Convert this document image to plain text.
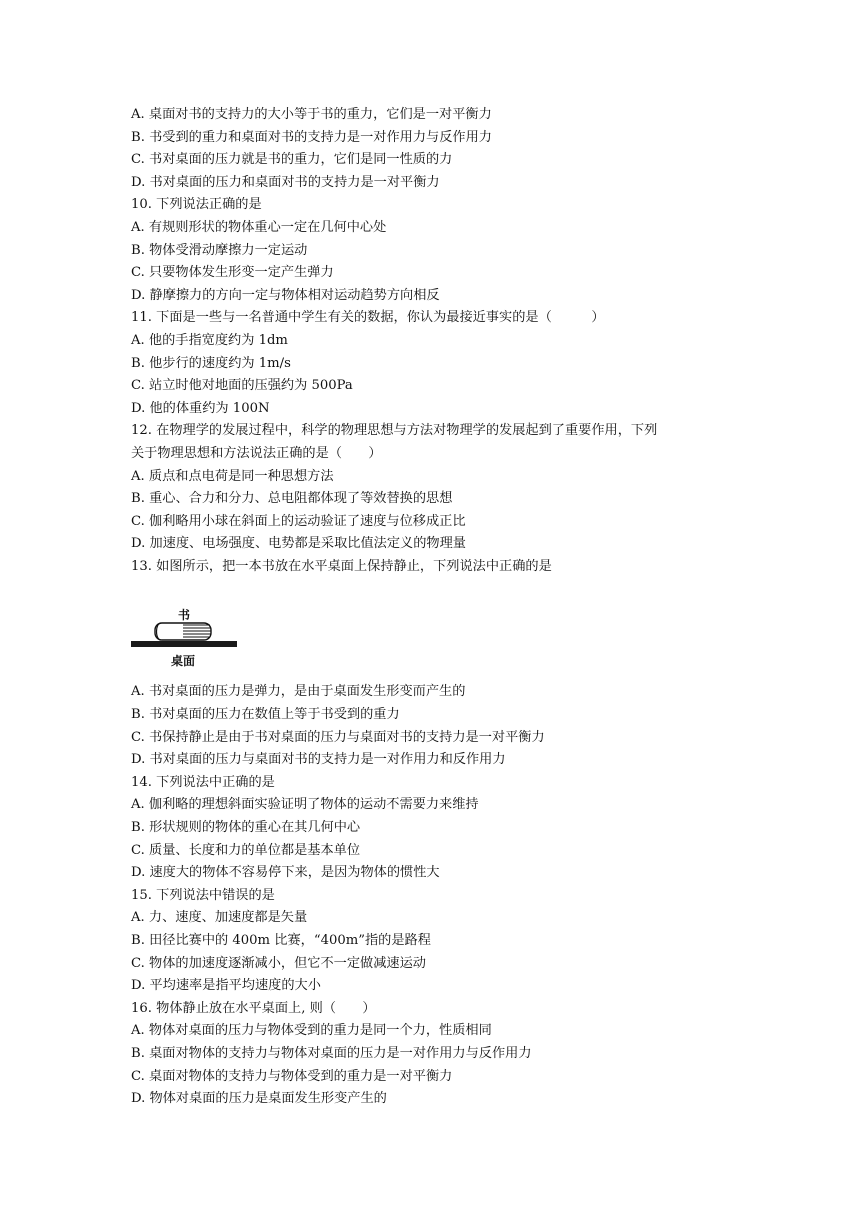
A. 桌面对书的支持力的大小等于书的重力，它们是一对平衡力
B. 书受到的重力和桌面对书的支持力是一对作用力与反作用力
C. 书对桌面的压力就是书的重力，它们是同一性质的力
D. 书对桌面的压力和桌面对书的支持力是一对平衡力
10. 下列说法正确的是
A. 有规则形状的物体重心一定在几何中心处
B. 物体受滑动摩擦力一定运动
C. 只要物体发生形变一定产生弹力
D. 静摩擦力的方向一定与物体相对运动趋势方向相反
11. 下面是一些与一名普通中学生有关的数据，你认为最接近事实的是（　　　）
A. 他的手指宽度约为 1dm
B. 他步行的速度约为 1m/s
C. 站立时他对地面的压强约为 500Pa
D. 他的体重约为 100N
12. 在物理学的发展过程中，科学的物理思想与方法对物理学的发展起到了重要作用，下列
关于物理思想和方法说法正确的是（　　）
A. 质点和点电荷是同一种思想方法
B. 重心、合力和分力、总电阻都体现了等效替换的思想
C. 伽利略用小球在斜面上的运动验证了速度与位移成正比
D. 加速度、电场强度、电势都是采取比值法定义的物理量
13. 如图所示，把一本书放在水平桌面上保持静止，下列说法中正确的是
书
桌面
A. 书对桌面的压力是弹力，是由于桌面发生形变而产生的
B. 书对桌面的压力在数值上等于书受到的重力
C. 书保持静止是由于书对桌面的压力与桌面对书的支持力是一对平衡力
D. 书对桌面的压力与桌面对书的支持力是一对作用力和反作用力
14. 下列说法中正确的是
A. 伽利略的理想斜面实验证明了物体的运动不需要力来维持
B. 形状规则的物体的重心在其几何中心
C. 质量、长度和力的单位都是基本单位
D. 速度大的物体不容易停下来，是因为物体的惯性大
15. 下列说法中错误的是
A. 力、速度、加速度都是矢量
B. 田径比赛中的 400m 比赛，“400m”指的是路程
C. 物体的加速度逐渐减小，但它不一定做减速运动
D. 平均速率是指平均速度的大小
16. 物体静止放在水平桌面上, 则（　　）
A. 物体对桌面的压力与物体受到的重力是同一个力，性质相同
B. 桌面对物体的支持力与物体对桌面的压力是一对作用力与反作用力
C. 桌面对物体的支持力与物体受到的重力是一对平衡力
D. 物体对桌面的压力是桌面发生形变产生的
